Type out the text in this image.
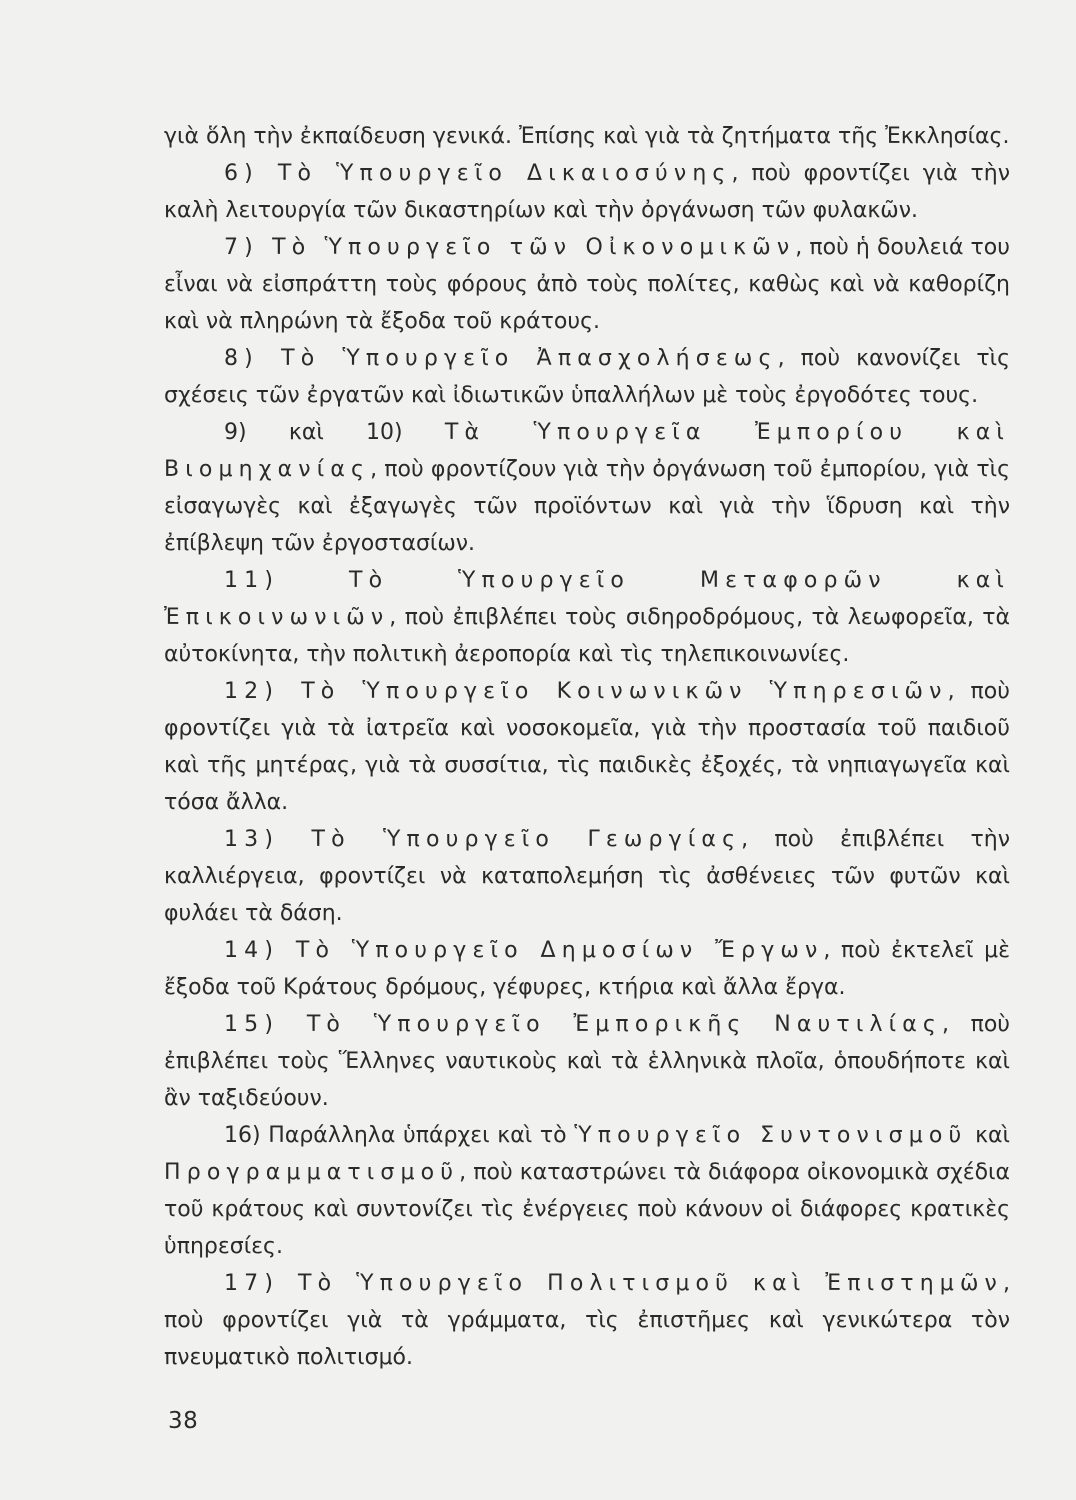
γιὰ ὅλη τὴν ἐκπαίδευση γενικά. Ἐπίσης καὶ γιὰ τὰ ζητήματα τῆς Ἐκκλησίας.

6) Τὸ Ὑπουργεῖο Δικαιοσύνης, ποὺ φροντίζει γιὰ τὴν καλὴ λειτουργία τῶν δικαστηρίων καὶ τὴν ὀργάνωση τῶν φυλακῶν.

7) Τὸ Ὑπουργεῖο τῶν Οἰκονομικῶν, ποὺ ἡ δουλειά του εἶναι νὰ εἰσπράττη τοὺς φόρους ἀπὸ τοὺς πολίτες, καθὼς καὶ νὰ καθορίζη καὶ νὰ πληρώνη τὰ ἔξοδα τοῦ κράτους.

8) Τὸ Ὑπουργεῖο Ἀπασχολήσεως, ποὺ κανονίζει τὶς σχέσεις τῶν ἐργατῶν καὶ ἰδιωτικῶν ὑπαλλήλων μὲ τοὺς ἐργοδότες τους.

9) καὶ 10) Τὰ Ὑπουργεῖα Ἐμπορίου καὶ Βιομηχανίας, ποὺ φροντίζουν γιὰ τὴν ὀργάνωση τοῦ ἐμπορίου, γιὰ τὶς εἰσαγωγὲς καὶ ἐξαγωγὲς τῶν προϊόντων καὶ γιὰ τὴν ἵδρυση καὶ τὴν ἐπίβλεψη τῶν ἐργοστασίων.

11) Τὸ Ὑπουργεῖο Μεταφορῶν καὶ Ἐπικοινωνιῶν, ποὺ ἐπιβλέπει τοὺς σιδηροδρόμους, τὰ λεωφορεῖα, τὰ αὐτοκίνητα, τὴν πολιτικὴ ἀεροπορία καὶ τὶς τηλεπικοινωνίες.

12) Τὸ Ὑπουργεῖο Κοινωνικῶν Ὑπηρεσιῶν, ποὺ φροντίζει γιὰ τὰ ἰατρεῖα καὶ νοσοκομεῖα, γιὰ τὴν προστασία τοῦ παιδιοῦ καὶ τῆς μητέρας, γιὰ τὰ συσσίτια, τὶς παιδικὲς ἐξοχές, τὰ νηπιαγωγεῖα καὶ τόσα ἄλλα.

13) Τὸ Ὑπουργεῖο Γεωργίας, ποὺ ἐπιβλέπει τὴν καλλιέργεια, φροντίζει νὰ καταπολεμήση τὶς ἀσθένειες τῶν φυτῶν καὶ φυλάει τὰ δάση.

14) Τὸ Ὑπουργεῖο Δημοσίων Ἔργων, ποὺ ἐκτελεῖ μὲ ἔξοδα τοῦ Κράτους δρόμους, γέφυρες, κτήρια καὶ ἄλλα ἔργα.

15) Τὸ Ὑπουργεῖο Ἐμπορικῆς Ναυτιλίας, ποὺ ἐπιβλέπει τοὺς Ἕλληνες ναυτικοὺς καὶ τὰ ἑλληνικὰ πλοῖα, ὁπουδήποτε καὶ ἂν ταξιδεύουν.

16) Παράλληλα ὑπάρχει καὶ τὸ Ὑπουργεῖο Συντονισμοῦ καὶ Προγραμματισμοῦ, ποὺ καταστρώνει τὰ διάφορα οἰκονομικὰ σχέδια τοῦ κράτους καὶ συντονίζει τὶς ἐνέργειες ποὺ κάνουν οἱ διάφορες κρατικὲς ὑπηρεσίες.

17) Τὸ Ὑπουργεῖο Πολιτισμοῦ καὶ Ἐπιστημῶν, ποὺ φροντίζει γιὰ τὰ γράμματα, τὶς ἐπιστῆμες καὶ γενικώτερα τὸν πνευματικὸ πολιτισμό.

38
